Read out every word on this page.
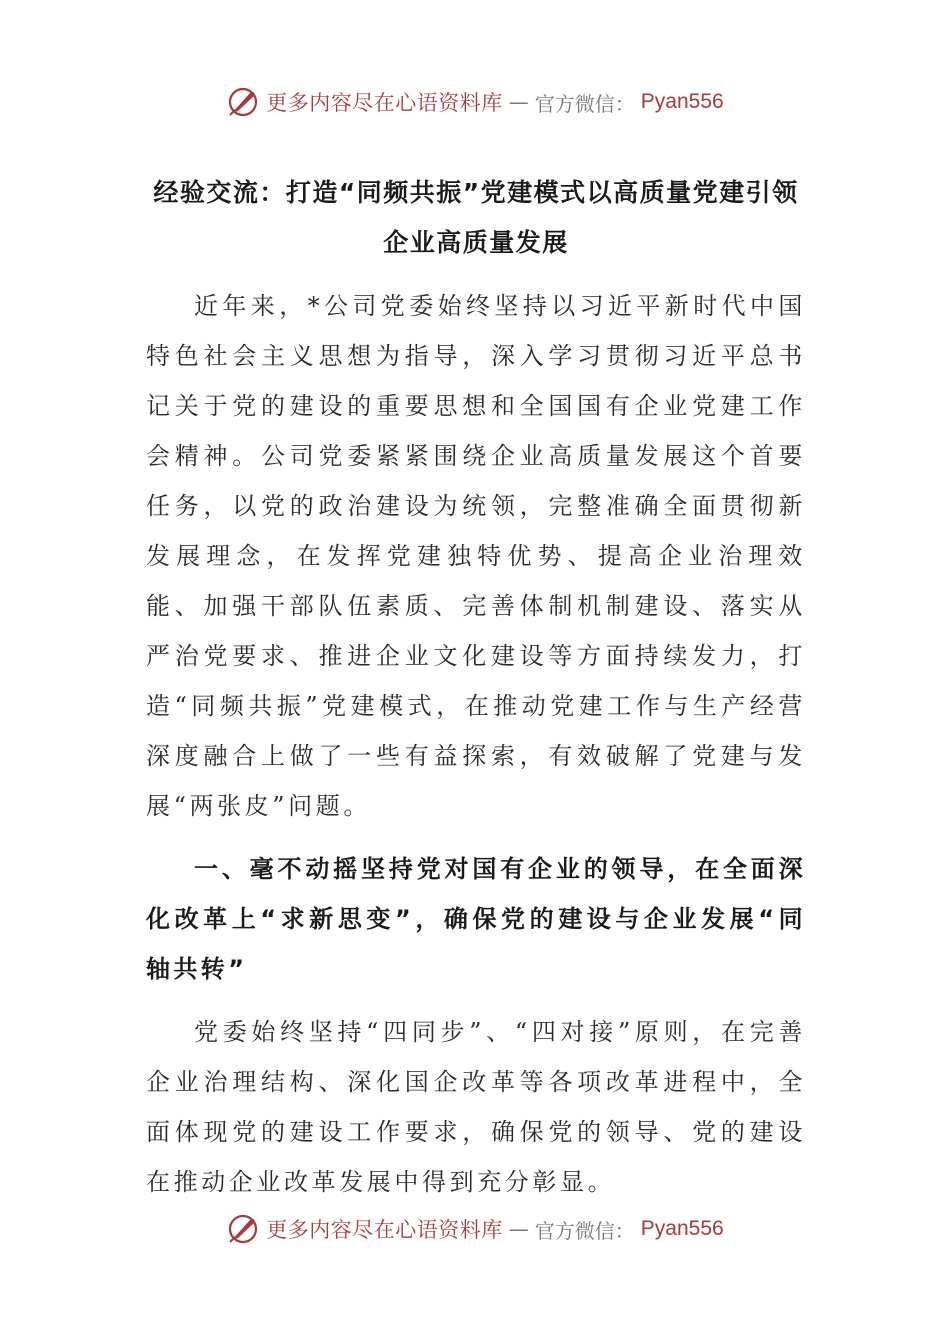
更多内容尽在心语资料库 — 官方微信： Pyan556
经验交流：打造“同频共振”党建模式以高质量党建引领
企业高质量发展

近年来，*公司党委始终坚持以习近平新时代中国特色社会主义思想为指导，深入学习贯彻习近平总书记关于党的建设的重要思想和全国国有企业党建工作会精神。公司党委紧紧围绕企业高质量发展这个首要任务，以党的政治建设为统领，完整准确全面贯彻新发展理念，在发挥党建独特优势、提高企业治理效能、加强干部队伍素质、完善体制机制建设、落实从严治党要求、推进企业文化建设等方面持续发力，打造“同频共振”党建模式，在推动党建工作与生产经营深度融合上做了一些有益探索，有效破解了党建与发展“两张皮”问题。

一、毫不动摇坚持党对国有企业的领导，在全面深化改革上“求新思变”，确保党的建设与企业发展“同轴共转”

党委始终坚持“四同步”、“四对接”原则，在完善企业治理结构、深化国企改革等各项改革进程中，全面体现党的建设工作要求，确保党的领导、党的建设在推动企业改革发展中得到充分彰显。

更多内容尽在心语资料库 — 官方微信： Pyan556
